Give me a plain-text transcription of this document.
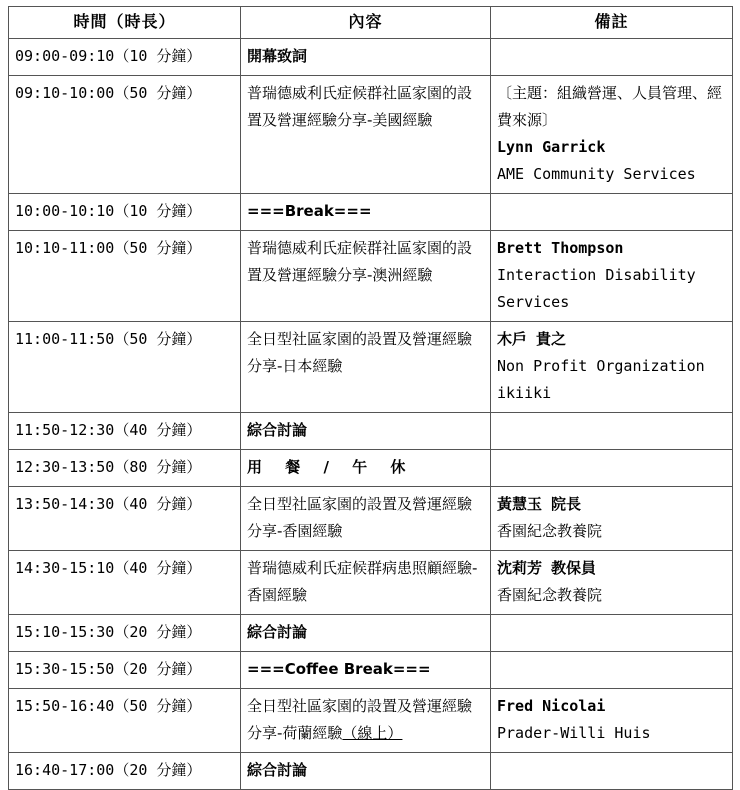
時間（時長）	內容	備註
09:00-09:10（10 分鐘）	開幕致詞	
09:10-10:00（50 分鐘）	普瑞德威利氏症候群社區家園的設置及營運經驗分享-美國經驗	〔主題：組織營運、人員管理、經費來源〕
Lynn Garrick
AME Community Services

10:00-10:10（10 分鐘）	===Break===	
10:10-11:00（50 分鐘）	普瑞德威利氏症候群社區家園的設置及營運經驗分享-澳洲經驗	Brett Thompson
Interaction Disability
Services

11:00-11:50（50 分鐘）	全日型社區家園的設置及營運經驗分享-日本經驗	木戶 貴之
Non Profit Organization
ikiiki

11:50-12:30（40 分鐘）	綜合討論	
12:30-13:50（80 分鐘）	用 餐 / 午 休	
13:50-14:30（40 分鐘）	全日型社區家園的設置及營運經驗分享-香園經驗	黃慧玉 院長
香園紀念教養院

14:30-15:10（40 分鐘）	普瑞德威利氏症候群病患照顧經驗-香園經驗	沈莉芳 教保員
香園紀念教養院

15:10-15:30（20 分鐘）	綜合討論	
15:30-15:50（20 分鐘）	===Coffee Break===	
15:50-16:40（50 分鐘）	全日型社區家園的設置及營運經驗分享-荷蘭經驗（線上）	Fred Nicolai
Prader-Willi Huis

16:40-17:00（20 分鐘）	綜合討論	
